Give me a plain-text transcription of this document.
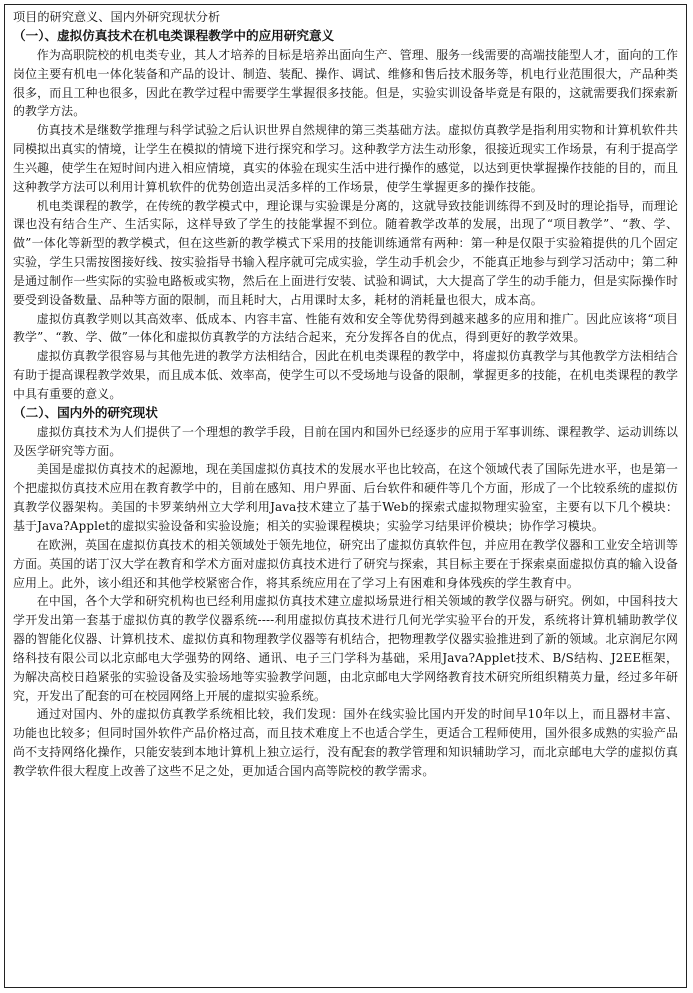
项目的研究意义、国内外研究现状分析
（一）、虚拟仿真技术在机电类课程教学中的应用研究意义

作为高职院校的机电类专业，其人才培养的目标是培养出面向生产、管理、服务一线需要的高端技能型人才，面向的工作岗位主要有机电一体化装备和产品的设计、制造、装配、操作、调试、维修和售后技术服务等，机电行业范围很大，产品种类很多，而且工种也很多，因此在教学过程中需要学生掌握很多技能。但是，实验实训设备毕竟是有限的，这就需要我们探索新的教学方法。

仿真技术是继数学推理与科学试验之后认识世界自然规律的第三类基础方法。虚拟仿真教学是指利用实物和计算机软件共同模拟出真实的情境，让学生在模拟的情境下进行探究和学习。这种教学方法生动形象，很接近现实工作场景，有利于提高学生兴趣，使学生在短时间内进入相应情境，真实的体验在现实生活中进行操作的感觉，以达到更快掌握操作技能的目的，而且这种教学方法可以利用计算机软件的优势创造出灵活多样的工作场景，使学生掌握更多的操作技能。

机电类课程的教学，在传统的教学模式中，理论课与实验课是分离的，这就导致技能训练得不到及时的理论指导，而理论课也没有结合生产、生活实际，这样导致了学生的技能掌握不到位。随着教学改革的发展，出现了“项目教学”、“教、学、做”一体化等新型的教学模式，但在这些新的教学模式下采用的技能训练通常有两种：第一种是仅限于实验箱提供的几个固定实验，学生只需按图接好线、按实验指导书输入程序就可完成实验，学生动手机会少，不能真正地参与到学习活动中；第二种是通过制作一些实际的实验电路板或实物，然后在上面进行安装、试验和调试，大大提高了学生的动手能力，但是实际操作时要受到设备数量、品种等方面的限制，而且耗时大，占用课时太多，耗材的消耗量也很大，成本高。

虚拟仿真教学则以其高效率、低成本、内容丰富、性能有效和安全等优势得到越来越多的应用和推广。因此应该将“项目教学”、“教、学、做”一体化和虚拟仿真教学的方法结合起来，充分发挥各自的优点，得到更好的教学效果。

虚拟仿真教学很容易与其他先进的教学方法相结合，因此在机电类课程的教学中，将虚拟仿真教学与其他教学方法相结合有助于提高课程教学效果，而且成本低、效率高，使学生可以不受场地与设备的限制，掌握更多的技能，在机电类课程的教学中具有重要的意义。

（二）、国内外的研究现状

虚拟仿真技术为人们提供了一个理想的教学手段，目前在国内和国外已经逐步的应用于军事训练、课程教学、运动训练以及医学研究等方面。

美国是虚拟仿真技术的起源地，现在美国虚拟仿真技术的发展水平也比较高，在这个领域代表了国际先进水平，也是第一个把虚拟仿真技术应用在教育教学中的，目前在感知、用户界面、后台软件和硬件等几个方面，形成了一个比较系统的虚拟仿真教学仪器架构。美国的卡罗莱纳州立大学利用Java技术建立了基于Web的探索式虚拟物理实验室，主要有以下几个模块：基于Java?Applet的虚拟实验设备和实验设施；相关的实验课程模块；实验学习结果评价模块；协作学习模块。

在欧洲，英国在虚拟仿真技术的相关领域处于领先地位，研究出了虚拟仿真软件包，并应用在教学仪器和工业安全培训等方面。英国的诺丁汉大学在教育和学术方面对虚拟仿真技术进行了研究与探索，其目标主要在于探索桌面虚拟仿真的输入设备应用上。此外，该小组还和其他学校紧密合作，将其系统应用在了学习上有困难和身体残疾的学生教育中。

在中国，各个大学和研究机构也已经利用虚拟仿真技术建立虚拟场景进行相关领域的教学仪器与研究。例如，中国科技大学开发出第一套基于虚拟仿真的教学仪器系统----利用虚拟仿真技术进行几何光学实验平台的开发，系统将计算机辅助教学仪器的智能化仪器、计算机技术、虚拟仿真和物理教学仪器等有机结合，把物理教学仪器实验推进到了新的领域。北京润尼尔网络科技有限公司以北京邮电大学强势的网络、通讯、电子三门学科为基础，采用Java?Applet技术、B/S结构、J2EE框架，为解决高校日趋紧张的实验设备及实验场地等实验教学问题，由北京邮电大学网络教育技术研究所组织精英力量，经过多年研究，开发出了配套的可在校园网络上开展的虚拟实验系统。

通过对国内、外的虚拟仿真教学系统相比较，我们发现：国外在线实验比国内开发的时间早10年以上，而且器材丰富、功能也比较多；但同时国外软件产品价格过高，而且技术难度上不也适合学生，更适合工程师使用，国外很多成熟的实验产品尚不支持网络化操作，只能安装到本地计算机上独立运行，没有配套的教学管理和知识辅助学习，而北京邮电大学的虚拟仿真教学软件很大程度上改善了这些不足之处，更加适合国内高等院校的教学需求。
